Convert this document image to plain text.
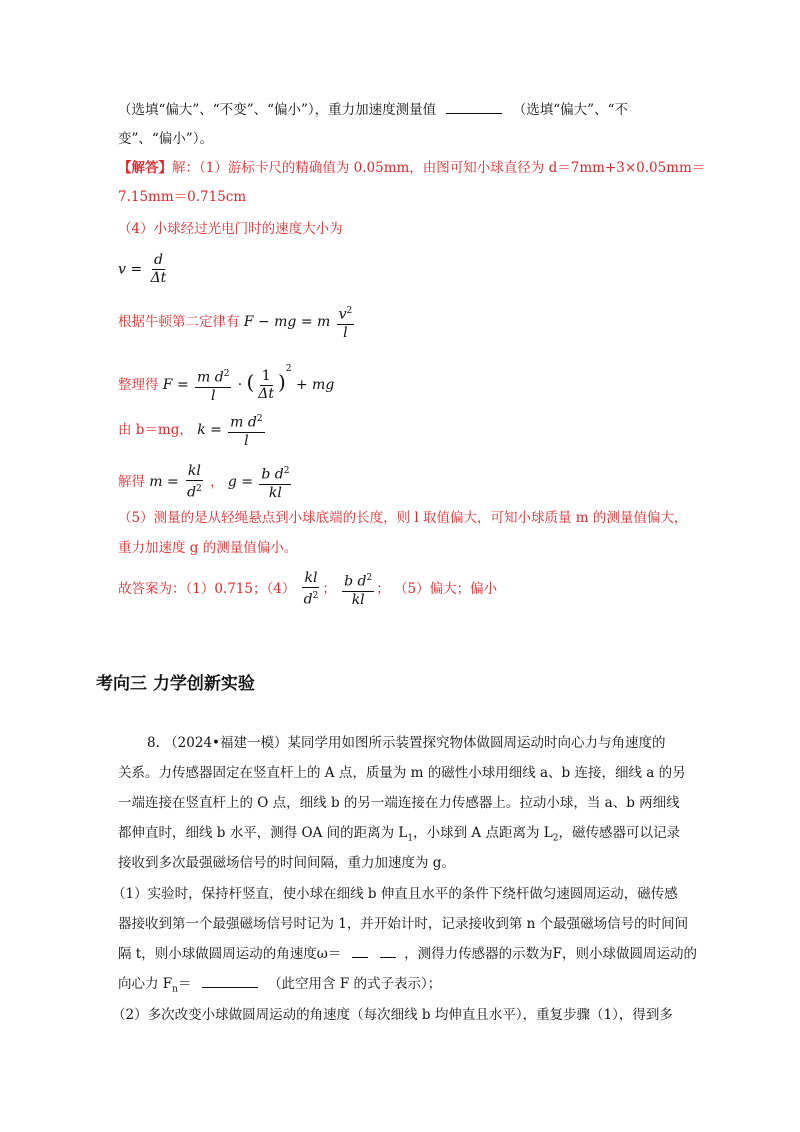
（选填“偏大”、“不变”、“偏小”），重力加速度测量值	（选填“偏大”、“不
变”、“偏小”）。
【解答】解：（1）游标卡尺的精确值为 0.05mm，由图可知小球直径为 d＝7mm+3×0.05mm＝
7.15mm＝0.715cm
（4）小球经过光电门时的速度大小为
$v = \frac{d}{\Delta t}$
根据牛顿第二定律有 F − mg = m $\frac{v^2}{l}$
整理得 $F = \frac{m d^2}{l}$ · ( $\frac{1}{\Delta t} )^2$ + mg
由 b＝mg， $k = \frac{m d^2}{l}$
解得 $m = \frac{kl}{d^2}$ ， $g = \frac{b d^2}{kl}$
（5）测量的是从轻绳悬点到小球底端的长度，则 l 取值偏大，可知小球质量 m 的测量值偏大，
重力加速度 g 的测量值偏小。
故答案为：（1）0.715；$(4) \frac{kl}{d^2}$ ； $\frac{b d^2}{kl}$ ； （5）偏大；偏小
考向三 力学创新实验
8. （2024•福建一模）某同学用如图所示装置探究物体做圆周运动时向心力与角速度的
关系。力传感器固定在竖直杆上的 A 点，质量为 m 的磁性小球用细线 a、b 连接，细线 a 的另
一端连接在竖直杆上的 O 点，细线 b 的另一端连接在力传感器上。拉动小球，当 a、b 两细线
都伸直时，细线 b 水平，测得 OA 间的距离为 $L_1$，小球到 A 点距离为 $L_2$，磁传感器可以记录
接收到多次最强磁场信号的时间间隔，重力加速度为 g。
（1）实验时，保持杆竖直，使小球在细线 b 伸直且水平的条件下绕杆做匀速圆周运动，磁传感
器接收到第一个最强磁场信号时记为 1，并开始计时，记录接收到第 n 个最强磁场信号的时间间
隔 t，则小球做圆周运动的角速度ω＝	，测得力传感器的示数为F，则小球做圆周运动的
向心力 $F_n=$	（此空用含 F 的式子表示）；
（2）多次改变小球做圆周运动的角速度（每次细线 b 均伸直且水平），重复步骤（1），得到多
